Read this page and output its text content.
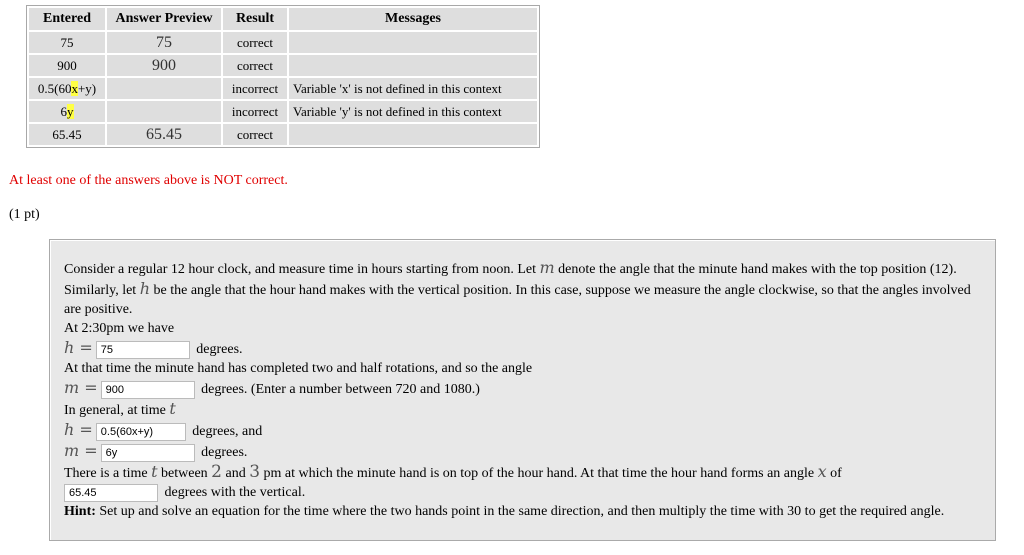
Entered	Answer Preview	Result	Messages
75	75	correct	
900	900	correct	
0.5(60x+y)		incorrect	Variable 'x' is not defined in this context
6y		incorrect	Variable 'y' is not defined in this context
65.45	65.45	correct	
At least one of the answers above is NOT correct.
(1 pt)

Consider a regular 12 hour clock, and measure time in hours starting from noon. Let m denote the angle that the minute hand makes with the top position (12). Similarly, let h be the angle that the hour hand makes with the vertical position. In this case, suppose we measure the angle clockwise, so that the angles involved are positive.

At 2:30pm we have

h = 75	degrees.

At that time the minute hand has completed two and half rotations, and so the angle

m = 900	degrees. (Enter a number between 720 and 1080.)

In general, at time t

h = 0.5(60x+y)	degrees, and

m = 6y	degrees.

There is a time t between 2 and 3 pm at which the minute hand is on top of the hour hand. At that time the hour hand forms an angle x of

65.45	degrees with the vertical.

Hint: Set up and solve an equation for the time where the two hands point in the same direction, and then multiply the time with 30 to get the required angle.
